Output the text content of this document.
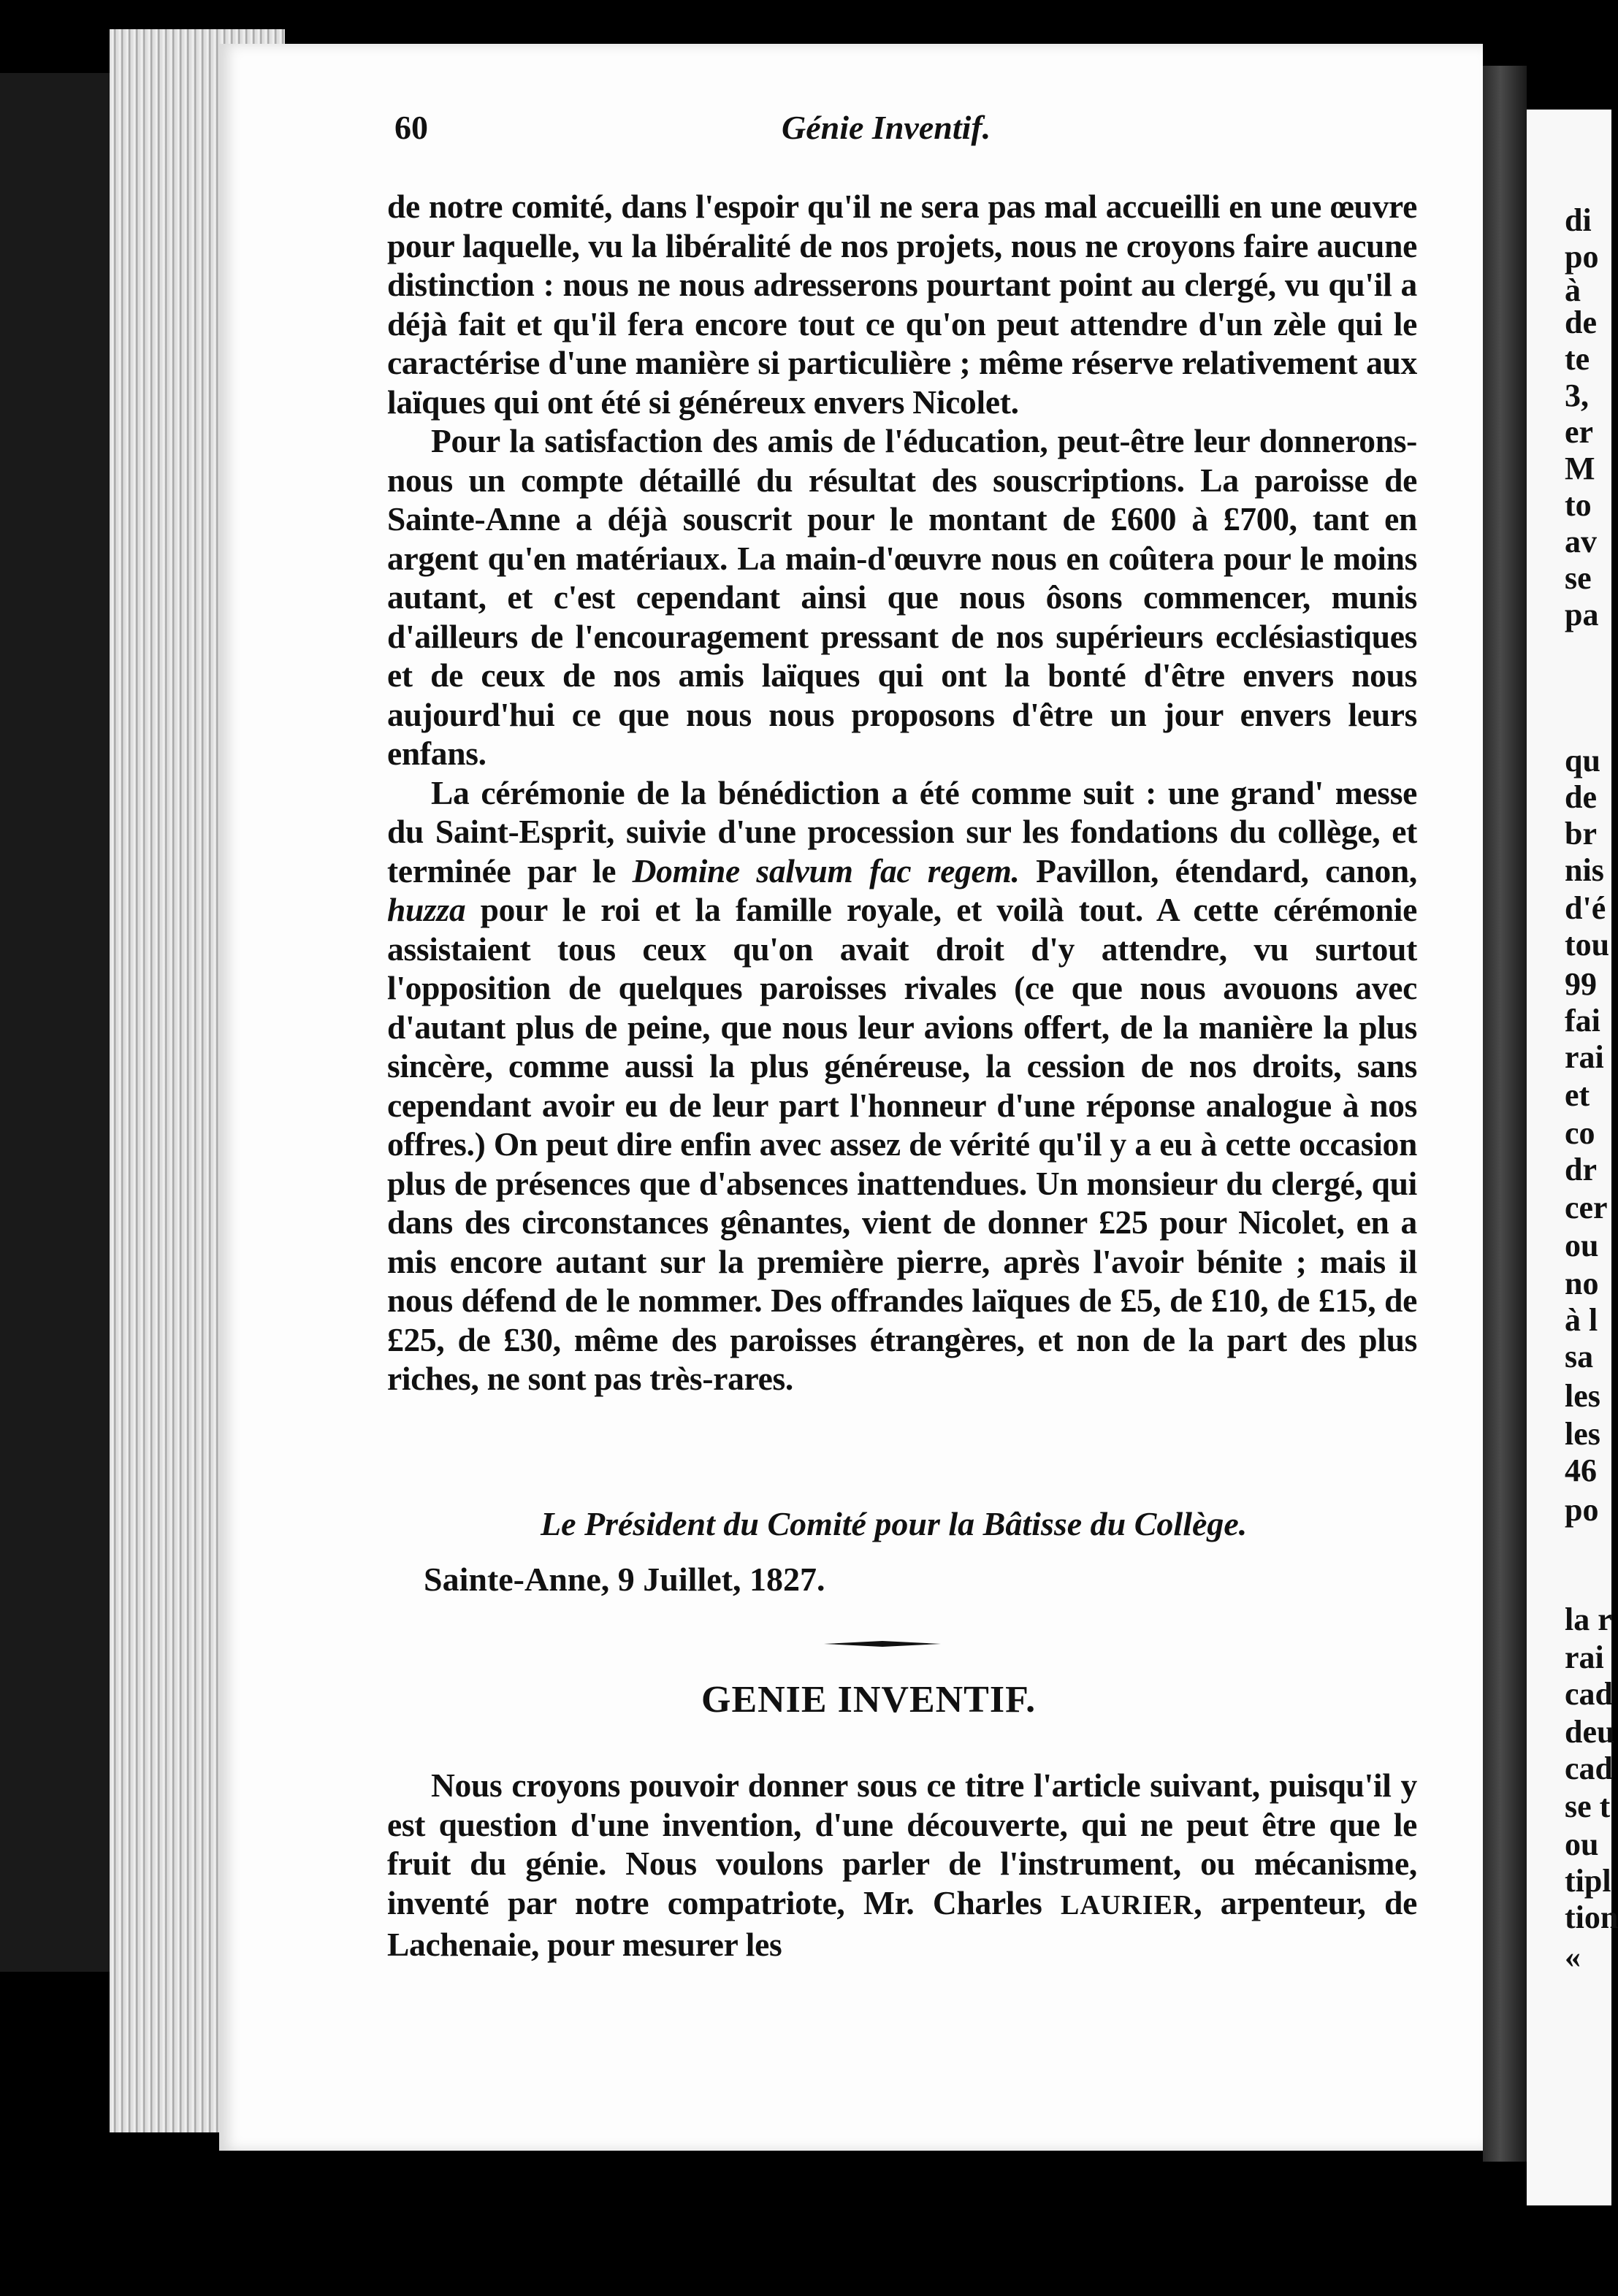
di
po
à
de
te
3,
er
M
to
av
se
pa
qu
de
br
nis
d'é
tou
99
fai
rai
et
co
dr
cer
ou
no
à l
sa
les
les
46
po
la r
rai
cad
deu
cad
se t
ou
tipl
tion
«
60	Génie Inventif.

de notre comité, dans l'espoir qu'il ne sera pas mal accueilli en une œuvre pour laquelle, vu la libéralité de nos projets, nous ne croyons faire aucune distinction : nous ne nous adresserons pourtant point au clergé, vu qu'il a déjà fait et qu'il fera encore tout ce qu'on peut attendre d'un zèle qui le caractérise d'une manière si particulière ; même réserve relativement aux laïques qui ont été si généreux envers Nicolet.

Pour la satisfaction des amis de l'éducation, peut-être leur donnerons-nous un compte détaillé du résultat des souscriptions. La paroisse de Sainte-Anne a déjà souscrit pour le montant de £600 à £700, tant en argent qu'en matériaux. La main-d'œuvre nous en coûtera pour le moins autant, et c'est cependant ainsi que nous ôsons commencer, munis d'ailleurs de l'encouragement pressant de nos supérieurs ecclésiastiques et de ceux de nos amis laïques qui ont la bonté d'être envers nous aujourd'hui ce que nous nous proposons d'être un jour envers leurs enfans.

La cérémonie de la bénédiction a été comme suit : une grand' messe du Saint-Esprit, suivie d'une procession sur les fondations du collège, et terminée par le Domine salvum fac regem. Pavillon, étendard, canon, huzza pour le roi et la famille royale, et voilà tout. A cette cérémonie assistaient tous ceux qu'on avait droit d'y attendre, vu surtout l'opposition de quelques paroisses rivales (ce que nous avouons avec d'autant plus de peine, que nous leur avions offert, de la manière la plus sincère, comme aussi la plus généreuse, la cession de nos droits, sans cependant avoir eu de leur part l'honneur d'une réponse analogue à nos offres.) On peut dire enfin avec assez de vérité qu'il y a eu à cette occasion plus de présences que d'absences inattendues. Un monsieur du clergé, qui dans des circonstances gênantes, vient de donner £25 pour Nicolet, en a mis encore autant sur la première pierre, après l'avoir bénite ; mais il nous défend de le nommer. Des offrandes laïques de £5, de £10, de £15, de £25, de £30, même des paroisses étrangères, et non de la part des plus riches, ne sont pas très-rares.

Le Président du Comité pour la Bâtisse du Collège.
Sainte-Anne, 9 Juillet, 1827.
GENIE INVENTIF.

Nous croyons pouvoir donner sous ce titre l'article suivant, puisqu'il y est question d'une invention, d'une découverte, qui ne peut être que le fruit du génie. Nous voulons parler de l'instrument, ou mécanisme, inventé par notre compatriote, Mr. Charles LAURIER, arpenteur, de Lachenaie, pour mesurer les
